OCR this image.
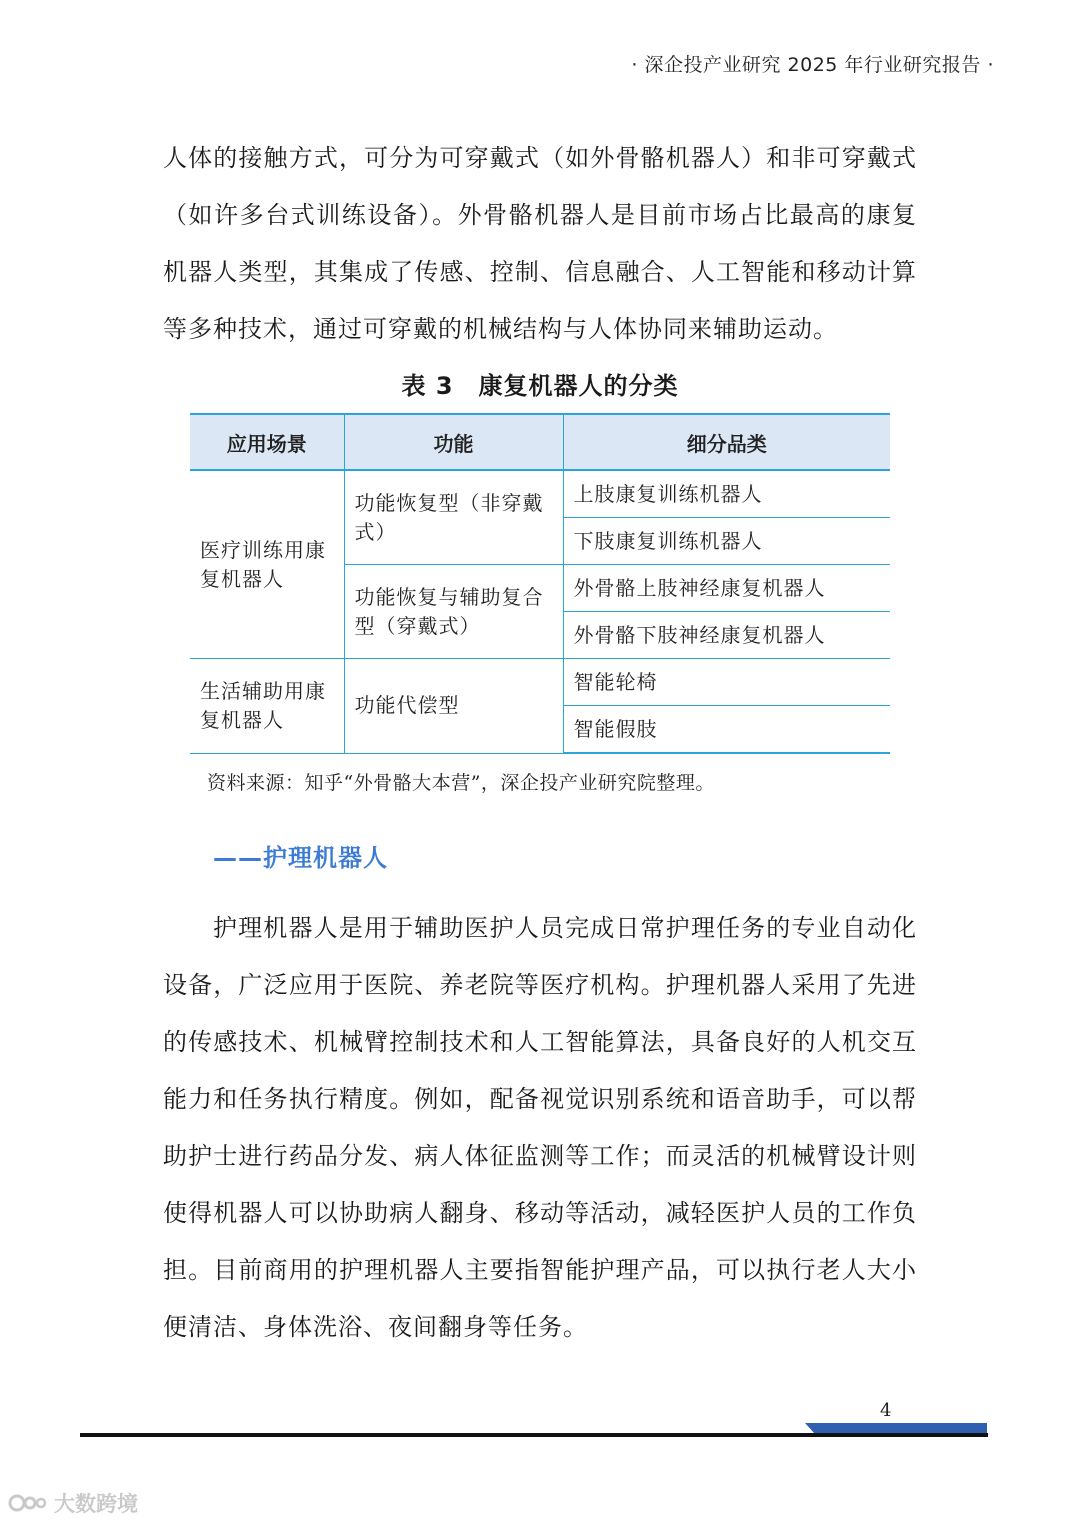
· 深企投产业研究 2025 年行业研究报告 ·

人体的接触方式，可分为可穿戴式（如外骨骼机器人）和非可穿戴式（如许多台式训练设备）。外骨骼机器人是目前市场占比最高的康复机器人类型，其集成了传感、控制、信息融合、人工智能和移动计算等多种技术，通过可穿戴的机械结构与人体协同来辅助运动。

表 3　康复机器人的分类
应用场景	功能	细分品类
医疗训练用康复机器人	功能恢复型（非穿戴式）	上肢康复训练机器人
		下肢康复训练机器人
	功能恢复与辅助复合型（穿戴式）	外骨骼上肢神经康复机器人
		外骨骼下肢神经康复机器人
生活辅助用康复机器人	功能代偿型	智能轮椅
		智能假肢
资料来源：知乎“外骨骼大本营”，深企投产业研究院整理。
——护理机器人

护理机器人是用于辅助医护人员完成日常护理任务的专业自动化设备，广泛应用于医院、养老院等医疗机构。护理机器人采用了先进的传感技术、机械臂控制技术和人工智能算法，具备良好的人机交互能力和任务执行精度。例如，配备视觉识别系统和语音助手，可以帮助护士进行药品分发、病人体征监测等工作；而灵活的机械臂设计则使得机器人可以协助病人翻身、移动等活动，减轻医护人员的工作负担。目前商用的护理机器人主要指智能护理产品，可以执行老人大小便清洁、身体洗浴、夜间翻身等任务。

4
大数跨境
